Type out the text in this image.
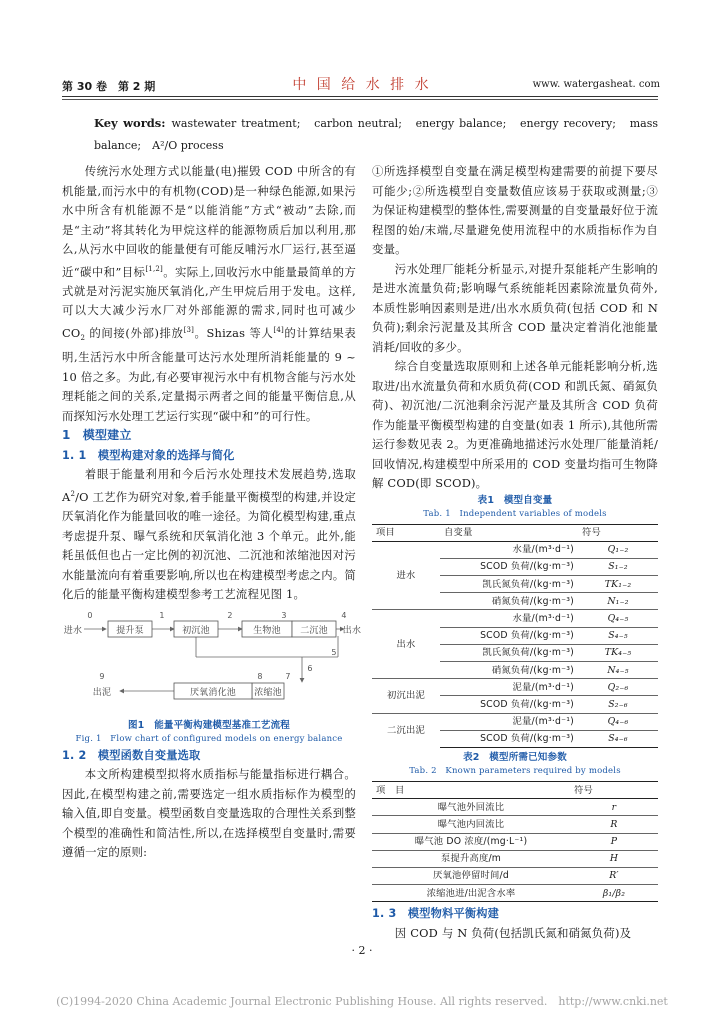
第 30 卷　第 2 期	中 国 给 水 排 水	www. watergasheat. com
Key words: wastewater treatment;　carbon neutral;　energy balance;　energy recovery;　mass balance;　A²/O process

传统污水处理方式以能量(电)摧毁 COD 中所含的有机能量,而污水中的有机物(COD)是一种绿色能源,如果污水中所含有机能源不是“以能消能”方式“被动”去除,而是“主动”将其转化为甲烷这样的能源物质后加以利用,那么,从污水中回收的能量便有可能反哺污水厂运行,甚至逼近“碳中和”目标[1,2]。实际上,回收污水中能量最简单的方式就是对污泥实施厌氧消化,产生甲烷后用于发电。这样,可以大大减少污水厂对外部能源的需求,同时也可减少 $CO_2$ 的间接(外部)排放[3]。Shizas 等人[4]的计算结果表明,生活污水中所含能量可达污水处理所消耗能量的 9 ~ 10 倍之多。为此,有必要审视污水中有机物含能与污水处理耗能之间的关系,定量揭示两者之间的能量平衡信息,从而探知污水处理工艺运行实现“碳中和”的可行性。

1　模型建立
1. 1　模型构建对象的选择与简化

着眼于能量利用和今后污水处理技术发展趋势,选取 $A^2/O$ 工艺作为研究对象,着手能量平衡模型的构建,并设定厌氧消化作为能量回收的唯一途径。为简化模型构建,重点考虑提升泵、曝气系统和厌氧消化池 3 个单元。此外,能耗虽低但也占一定比例的初沉池、二沉池和浓缩池因对污水能量流向有着重要影响,所以也在构建模型考虑之内。简化后的能量平衡构建模型参考工艺流程见图 1。

提升泵	初沉池	生物池 二沉池
浓缩池
厌氧消化池
进水	出水
出泥
0	1	2	3	4
5
6
7
8
9
图1　能量平衡构建模型基准工艺流程
Fig. 1　Flow chart of configured models on energy balance
1. 2　模型函数自变量选取

本文所构建模型拟将水质指标与能量指标进行耦合。因此,在模型构建之前,需要选定一组水质指标作为模型的输入值,即自变量。模型函数自变量选取的合理性关系到整个模型的准确性和简洁性,所以,在选择模型自变量时,需要遵循一定的原则:

①所选择模型自变量在满足模型构建需要的前提下要尽可能少;②所选模型自变量数值应该易于获取或测量;③为保证构建模型的整体性,需要测量的自变量最好位于流程图的始/末端,尽量避免使用流程中的水质指标作为自变量。

污水处理厂能耗分析显示,对提升泵能耗产生影响的是进水流量负荷;影响曝气系统能耗因素除流量负荷外,本质性影响因素则是进/出水水质负荷(包括 COD 和 N 负荷);剩余污泥量及其所含 COD 量决定着消化池能量消耗/回收的多少。

综合自变量选取原则和上述各单元能耗影响分析,选取进/出水流量负荷和水质负荷(COD 和凯氏氮、硝氮负荷)、初沉池/二沉池剩余污泥产量及其所含 COD 负荷作为能量平衡模型构建的自变量(如表 1 所示),其他所需运行参数见表 2。为更准确地描述污水处理厂能量消耗/回收情况,构建模型中所采用的 COD 变量均指可生物降解 COD(即 SCOD)。

表1　模型自变量
Tab. 1　Independent variables of models
项目	自变量	符号
进水	水量/(m³·d⁻¹)	Q₁₋₂
	SCOD 负荷/(kg·m⁻³)	S₁₋₂
	凯氏氮负荷/(kg·m⁻³)	TK₁₋₂
	硝氮负荷/(kg·m⁻³)	N₁₋₂
出水	水量/(m³·d⁻¹)	Q₄₋₅
	SCOD 负荷/(kg·m⁻³)	S₄₋₅
	凯氏氮负荷/(kg·m⁻³)	TK₄₋₅
	硝氮负荷/(kg·m⁻³)	N₄₋₅
初沉出泥	泥量/(m³·d⁻¹)	Q₂₋₆
	SCOD 负荷/(kg·m⁻³)	S₂₋₆
二沉出泥	泥量/(m³·d⁻¹)	Q₄₋₆
	SCOD 负荷/(kg·m⁻³)	S₄₋₆
表2　模型所需已知参数
Tab. 2　Known parameters required by models
项　目	符号
曝气池外回流比	r
曝气池内回流比	R
曝气池 DO 浓度/(mg·L⁻¹)	P
泵提升高度/m	H
厌氧池停留时间/d	R′
浓缩池进/出泥含水率	β₁/β₂
1. 3　模型物料平衡构建

因 COD 与 N 负荷(包括凯氏氮和硝氮负荷)及

· 2 ·
(C)1994-2020 China Academic Journal Electronic Publishing House. All rights reserved.　http://www.cnki.net
